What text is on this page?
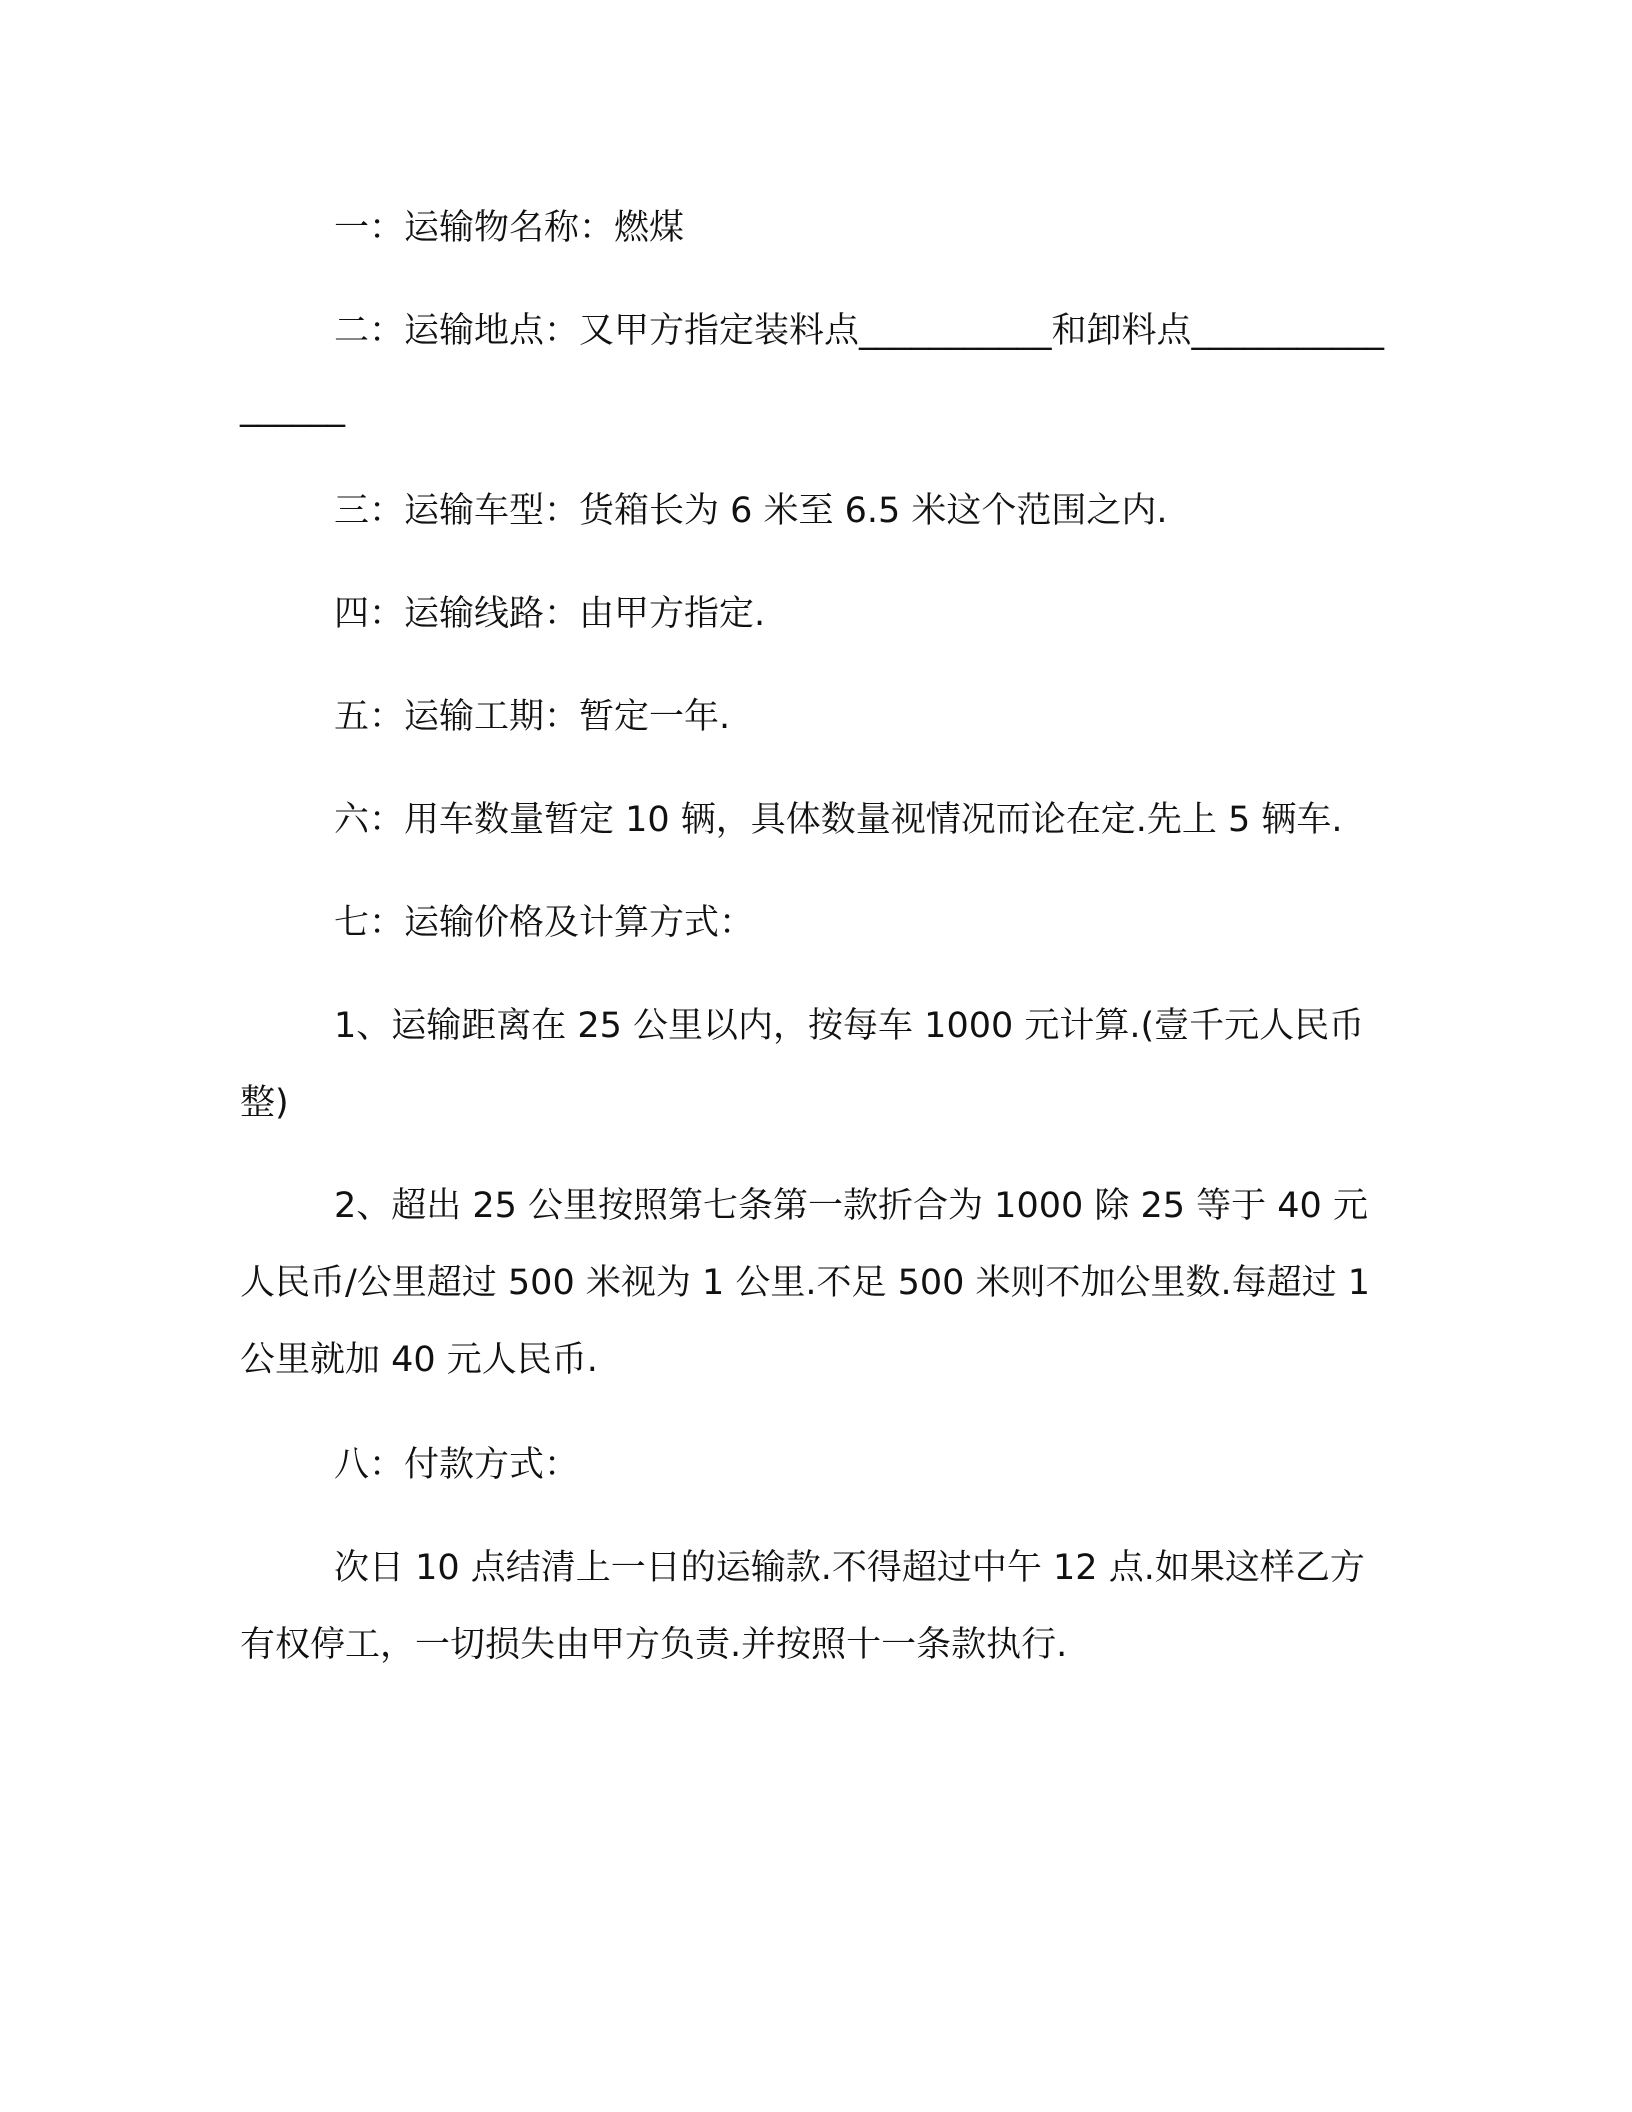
一：运输物名称：燃煤

二：运输地点：又甲方指定装料点___________和卸料点_________________

三：运输车型：货箱长为 6 米至 6.5 米这个范围之内.

四：运输线路：由甲方指定.

五：运输工期：暂定一年.

六：用车数量暂定 10 辆，具体数量视情况而论在定.先上 5 辆车.

七：运输价格及计算方式：

1、运输距离在 25 公里以内，按每车 1000 元计算.(壹千元人民币整)

2、超出 25 公里按照第七条第一款折合为 1000 除 25 等于 40 元人民币/公里超过 500 米视为 1 公里.不足 500 米则不加公里数.每超过 1 公里就加 40 元人民币.

八：付款方式：

次日 10 点结清上一日的运输款.不得超过中午 12 点.如果这样乙方有权停工，一切损失由甲方负责.并按照十一条款执行.
